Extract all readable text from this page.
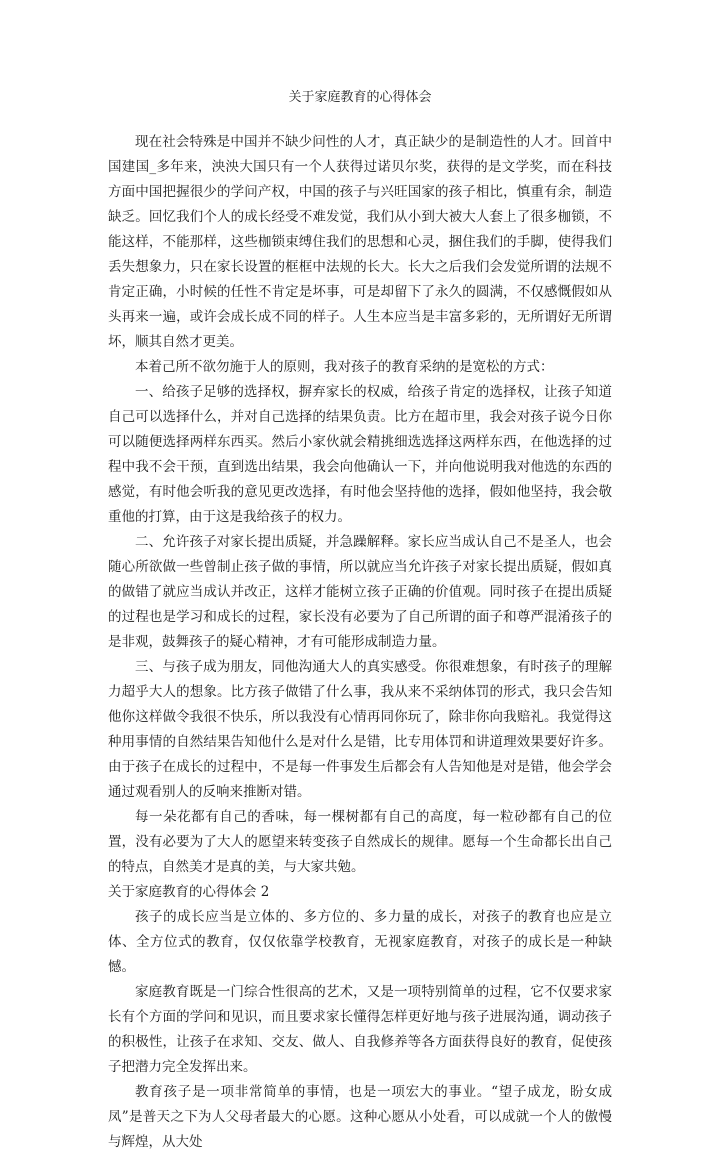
关于家庭教育的心得体会

现在社会特殊是中国并不缺少问性的人才，真正缺少的是制造性的人才。回首中国建国_多年来，泱泱大国只有一个人获得过诺贝尔奖，获得的是文学奖，而在科技方面中国把握很少的学问产权，中国的孩子与兴旺国家的孩子相比，慎重有余，制造缺乏。回忆我们个人的成长经受不难发觉，我们从小到大被大人套上了很多枷锁，不能这样，不能那样，这些枷锁束缚住我们的思想和心灵，捆住我们的手脚，使得我们丢失想象力，只在家长设置的框框中法规的长大。长大之后我们会发觉所谓的法规不肯定正确，小时候的任性不肯定是坏事，可是却留下了永久的圆满，不仅感慨假如从头再来一遍，或许会成长成不同的样子。人生本应当是丰富多彩的，无所谓好无所谓坏，顺其自然才更美。

本着己所不欲勿施于人的原则，我对孩子的教育采纳的是宽松的方式：

一、给孩子足够的选择权，摒弃家长的权威，给孩子肯定的选择权，让孩子知道自己可以选择什么，并对自己选择的结果负责。比方在超市里，我会对孩子说今日你可以随便选择两样东西买。然后小家伙就会精挑细选选择这两样东西，在他选择的过程中我不会干预，直到选出结果，我会向他确认一下，并向他说明我对他选的东西的感觉，有时他会听我的意见更改选择，有时他会坚持他的选择，假如他坚持，我会敬重他的打算，由于这是我给孩子的权力。

二、允许孩子对家长提出质疑，并急躁解释。家长应当成认自己不是圣人，也会随心所欲做一些曾制止孩子做的事情，所以就应当允许孩子对家长提出质疑，假如真的做错了就应当成认并改正，这样才能树立孩子正确的价值观。同时孩子在提出质疑的过程也是学习和成长的过程，家长没有必要为了自己所谓的面子和尊严混淆孩子的是非观，鼓舞孩子的疑心精神，才有可能形成制造力量。

三、与孩子成为朋友，同他沟通大人的真实感受。你很难想象，有时孩子的理解力超乎大人的想象。比方孩子做错了什么事，我从来不采纳体罚的形式，我只会告知他你这样做令我很不快乐，所以我没有心情再同你玩了，除非你向我赔礼。我觉得这种用事情的自然结果告知他什么是对什么是错，比专用体罚和讲道理效果要好许多。由于孩子在成长的过程中，不是每一件事发生后都会有人告知他是对是错，他会学会通过观看别人的反响来推断对错。

每一朵花都有自己的香味，每一棵树都有自己的高度，每一粒砂都有自己的位置，没有必要为了大人的愿望来转变孩子自然成长的规律。愿每一个生命都长出自己的特点，自然美才是真的美，与大家共勉。

关于家庭教育的心得体会 2

孩子的成长应当是立体的、多方位的、多力量的成长，对孩子的教育也应是立体、全方位式的教育，仅仅依靠学校教育，无视家庭教育，对孩子的成长是一种缺憾。

家庭教育既是一门综合性很高的艺术，又是一项特别简单的过程，它不仅要求家长有个方面的学问和见识，而且要求家长懂得怎样更好地与孩子进展沟通，调动孩子的积极性，让孩子在求知、交友、做人、自我修养等各方面获得良好的教育，促使孩子把潜力完全发挥出来。

教育孩子是一项非常简单的事情，也是一项宏大的事业。“望子成龙，盼女成凤”是普天之下为人父母者最大的心愿。这种心愿从小处看，可以成就一个人的傲慢与辉煌，从大处
